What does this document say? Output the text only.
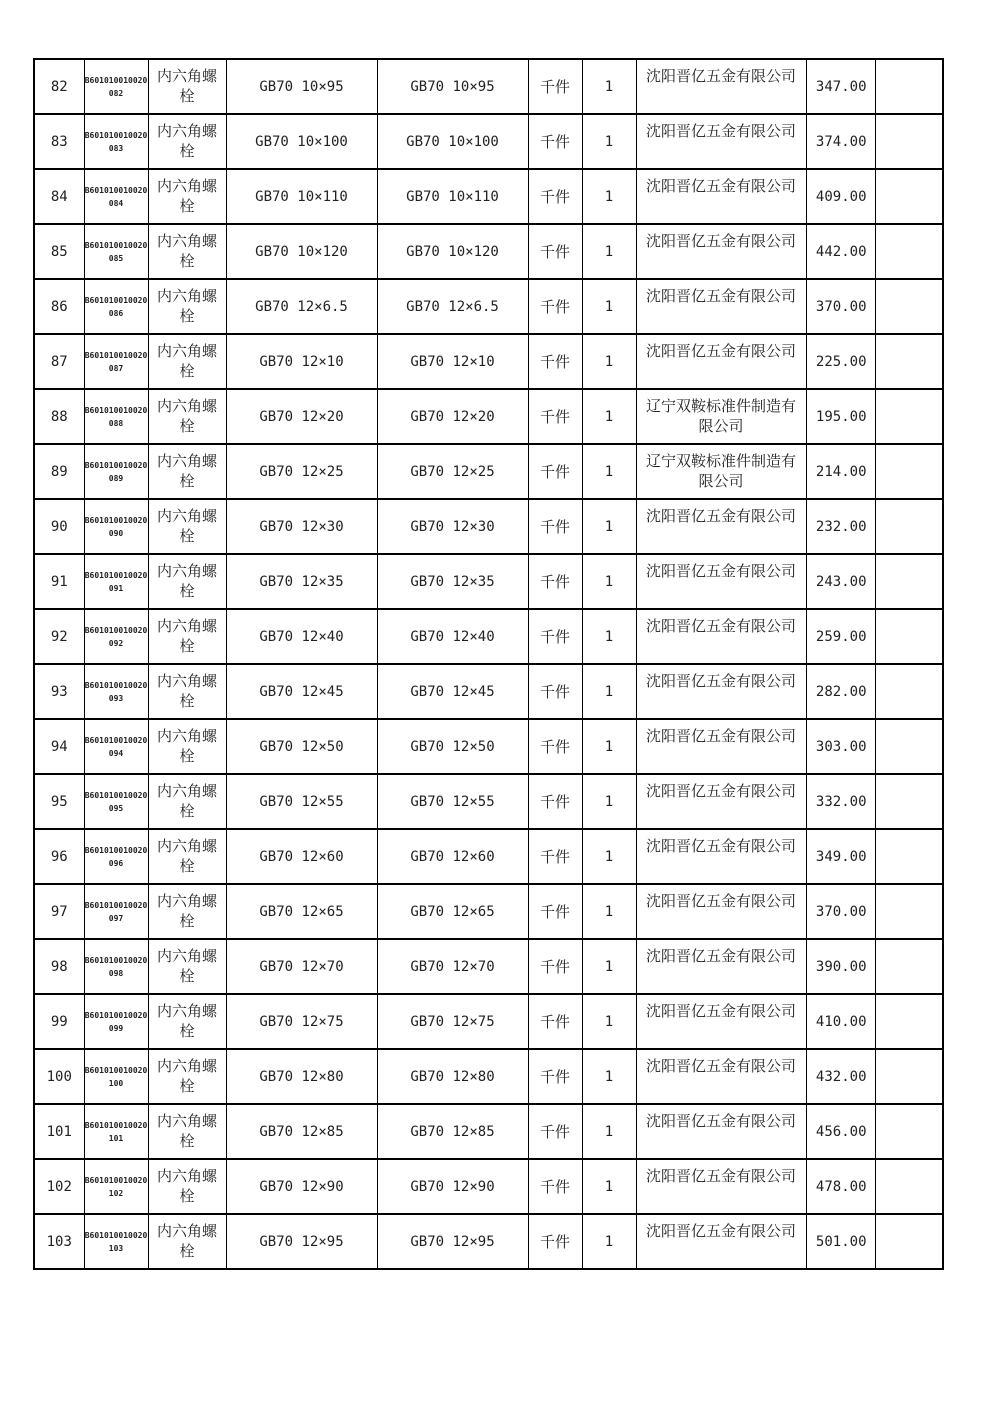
82	B601010010020082	内六角螺栓	GB70 10×95	GB70 10×95	千件	1	沈阳晋亿五金有限公司	347.00	
83	B601010010020083	内六角螺栓	GB70 10×100	GB70 10×100	千件	1	沈阳晋亿五金有限公司	374.00	
84	B601010010020084	内六角螺栓	GB70 10×110	GB70 10×110	千件	1	沈阳晋亿五金有限公司	409.00	
85	B601010010020085	内六角螺栓	GB70 10×120	GB70 10×120	千件	1	沈阳晋亿五金有限公司	442.00	
86	B601010010020086	内六角螺栓	GB70 12×6.5	GB70 12×6.5	千件	1	沈阳晋亿五金有限公司	370.00	
87	B601010010020087	内六角螺栓	GB70 12×10	GB70 12×10	千件	1	沈阳晋亿五金有限公司	225.00	
88	B601010010020088	内六角螺栓	GB70 12×20	GB70 12×20	千件	1	辽宁双鞍标准件制造有限公司	195.00	
89	B601010010020089	内六角螺栓	GB70 12×25	GB70 12×25	千件	1	辽宁双鞍标准件制造有限公司	214.00	
90	B601010010020090	内六角螺栓	GB70 12×30	GB70 12×30	千件	1	沈阳晋亿五金有限公司	232.00	
91	B601010010020091	内六角螺栓	GB70 12×35	GB70 12×35	千件	1	沈阳晋亿五金有限公司	243.00	
92	B601010010020092	内六角螺栓	GB70 12×40	GB70 12×40	千件	1	沈阳晋亿五金有限公司	259.00	
93	B601010010020093	内六角螺栓	GB70 12×45	GB70 12×45	千件	1	沈阳晋亿五金有限公司	282.00	
94	B601010010020094	内六角螺栓	GB70 12×50	GB70 12×50	千件	1	沈阳晋亿五金有限公司	303.00	
95	B601010010020095	内六角螺栓	GB70 12×55	GB70 12×55	千件	1	沈阳晋亿五金有限公司	332.00	
96	B601010010020096	内六角螺栓	GB70 12×60	GB70 12×60	千件	1	沈阳晋亿五金有限公司	349.00	
97	B601010010020097	内六角螺栓	GB70 12×65	GB70 12×65	千件	1	沈阳晋亿五金有限公司	370.00	
98	B601010010020098	内六角螺栓	GB70 12×70	GB70 12×70	千件	1	沈阳晋亿五金有限公司	390.00	
99	B601010010020099	内六角螺栓	GB70 12×75	GB70 12×75	千件	1	沈阳晋亿五金有限公司	410.00	
100	B601010010020100	内六角螺栓	GB70 12×80	GB70 12×80	千件	1	沈阳晋亿五金有限公司	432.00	
101	B601010010020101	内六角螺栓	GB70 12×85	GB70 12×85	千件	1	沈阳晋亿五金有限公司	456.00	
102	B601010010020102	内六角螺栓	GB70 12×90	GB70 12×90	千件	1	沈阳晋亿五金有限公司	478.00	
103	B601010010020103	内六角螺栓	GB70 12×95	GB70 12×95	千件	1	沈阳晋亿五金有限公司	501.00	
